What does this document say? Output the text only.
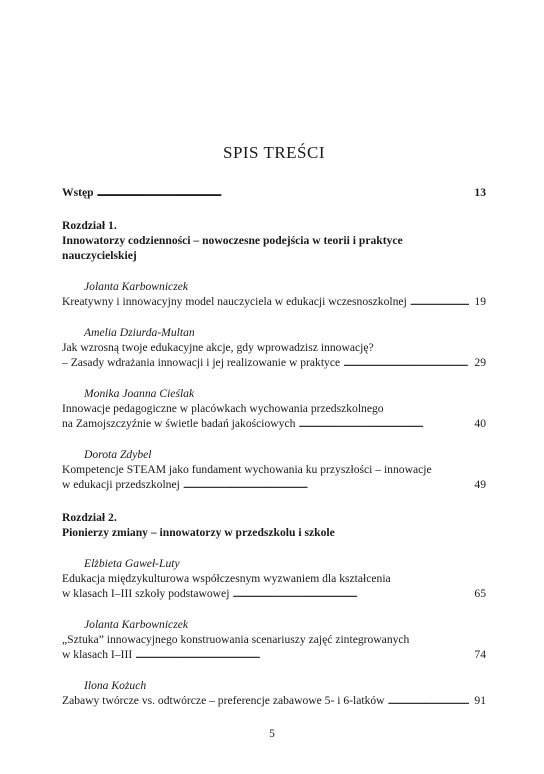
SPIS TREŚCI
Wstęp . . .	13
Rozdział 1.
Innowatorzy codzienności – nowoczesne podejścia w teorii i praktyce
nauczycielskiej
Jolanta Karbowniczek
Kreatywny i innowacyjny model nauczyciela w edukacji wczesnoszkolnej . . .	19
Amelia Dziurda-Multan
Jak wzrosną twoje edukacyjne akcje, gdy wprowadzisz innowację?
– Zasady wdrażania innowacji i jej realizowanie w praktyce . . .	29
Monika Joanna Cieślak
Innowacje pedagogiczne w placówkach wychowania przedszkolnego
na Zamojszczyźnie w świetle badań jakościowych . . .	40
Dorota Zdybel
Kompetencje STEAM jako fundament wychowania ku przyszłości – innowacje
w edukacji przedszkolnej . . .	49
Rozdział 2.
Pionierzy zmiany – innowatorzy w przedszkolu i szkole
Elżbieta Gaweł-Luty
Edukacja międzykulturowa współczesnym wyzwaniem dla kształcenia
w klasach I–III szkoły podstawowej . . .	65
Jolanta Karbowniczek
„Sztuka” innowacyjnego konstruowania scenariuszy zajęć zintegrowanych
w klasach I–III . . .	74
Ilona Kożuch
Zabawy twórcze vs. odtwórcze – preferencje zabawowe 5- i 6-latków . . .	91
5
